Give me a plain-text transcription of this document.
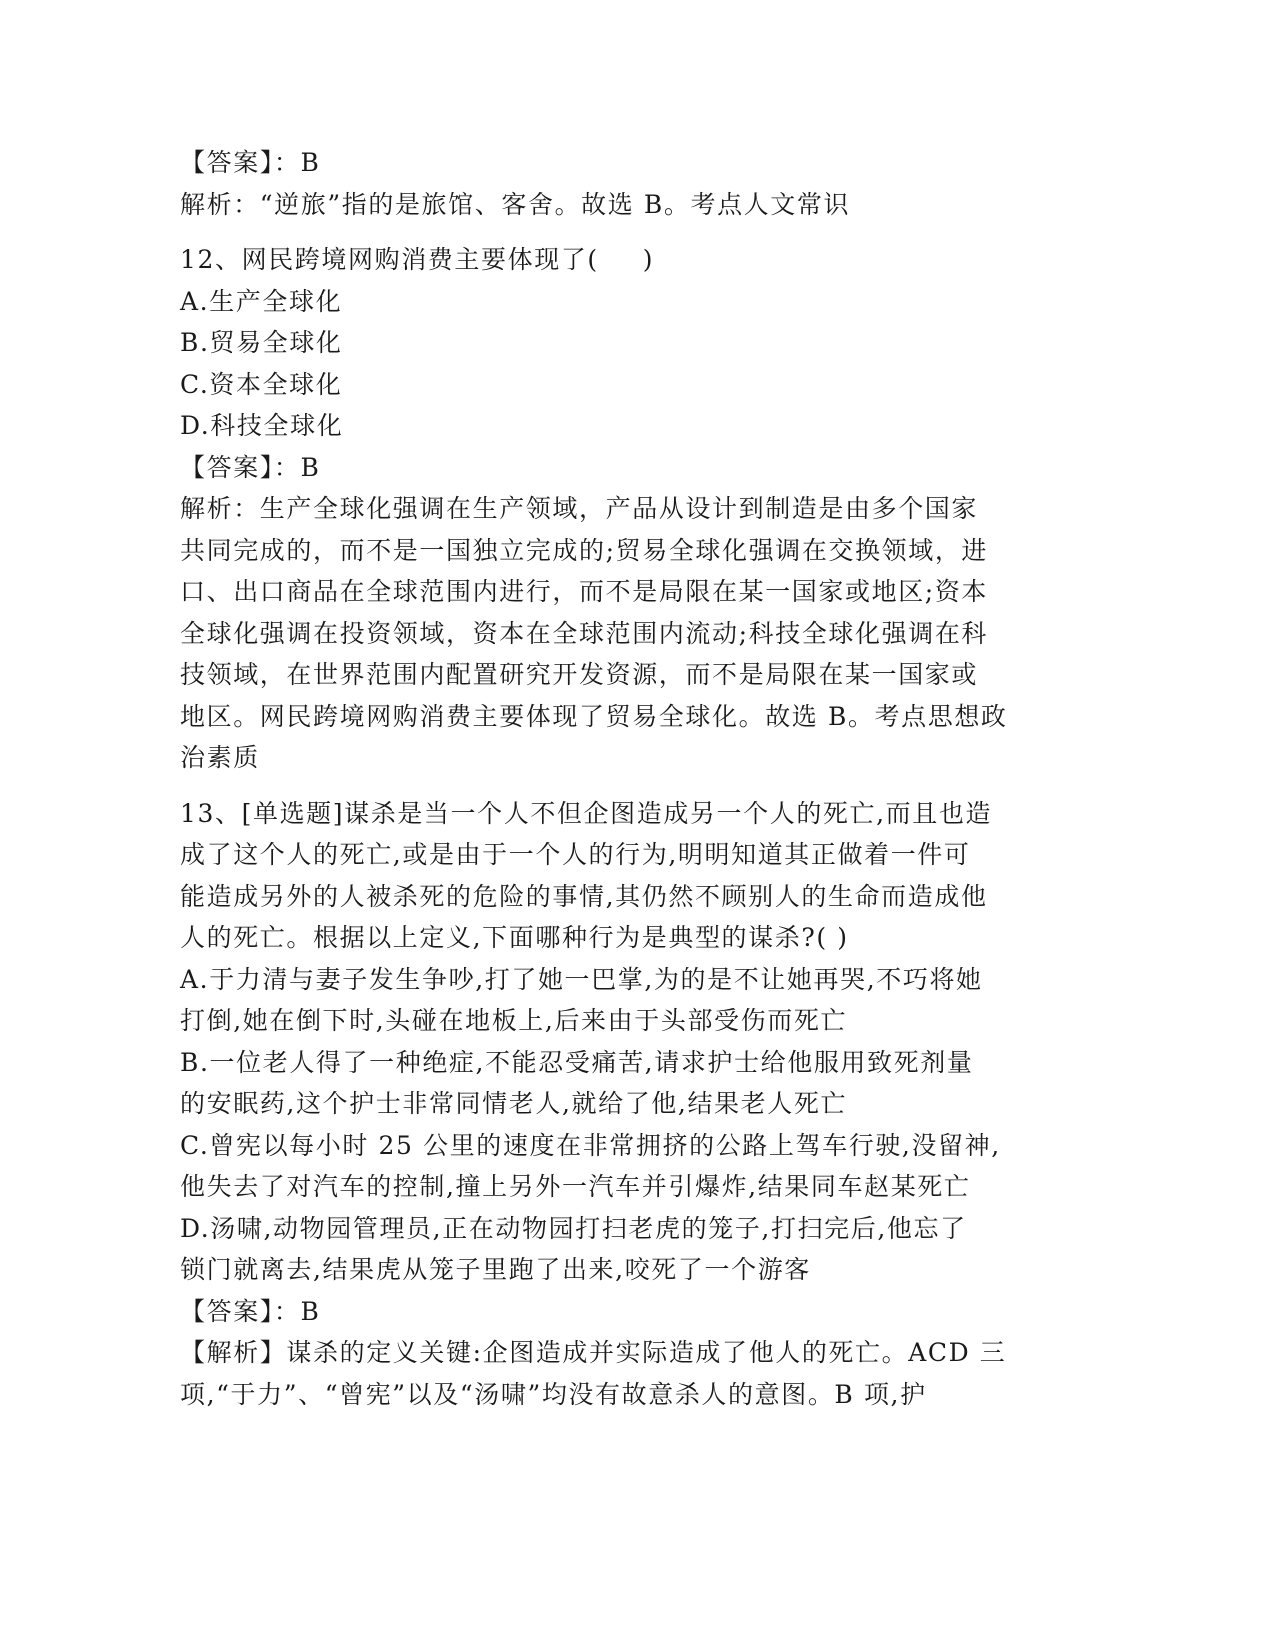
【答案】：B
解析：“逆旅”指的是旅馆、客舍。故选 B。考点人文常识
12、网民跨境网购消费主要体现了( )
A.生产全球化
B.贸易全球化
C.资本全球化
D.科技全球化
【答案】：B
解析：生产全球化强调在生产领域，产品从设计到制造是由多个国家
共同完成的，而不是一国独立完成的;贸易全球化强调在交换领域，进
口、出口商品在全球范围内进行，而不是局限在某一国家或地区;资本
全球化强调在投资领域，资本在全球范围内流动;科技全球化强调在科
技领域，在世界范围内配置研究开发资源，而不是局限在某一国家或
地区。网民跨境网购消费主要体现了贸易全球化。故选 B。考点思想政
治素质
13、[单选题]谋杀是当一个人不但企图造成另一个人的死亡,而且也造
成了这个人的死亡,或是由于一个人的行为,明明知道其正做着一件可
能造成另外的人被杀死的危险的事情,其仍然不顾别人的生命而造成他
人的死亡。根据以上定义,下面哪种行为是典型的谋杀?( )
A.于力清与妻子发生争吵,打了她一巴掌,为的是不让她再哭,不巧将她
打倒,她在倒下时,头碰在地板上,后来由于头部受伤而死亡
B.一位老人得了一种绝症,不能忍受痛苦,请求护士给他服用致死剂量
的安眠药,这个护士非常同情老人,就给了他,结果老人死亡
C.曾宪以每小时 25 公里的速度在非常拥挤的公路上驾车行驶,没留神,
他失去了对汽车的控制,撞上另外一汽车并引爆炸,结果同车赵某死亡
D.汤啸,动物园管理员,正在动物园打扫老虎的笼子,打扫完后,他忘了
锁门就离去,结果虎从笼子里跑了出来,咬死了一个游客
【答案】：B
【解析】谋杀的定义关键:企图造成并实际造成了他人的死亡。ACD 三
项,“于力”、“曾宪”以及“汤啸”均没有故意杀人的意图。B 项,护
